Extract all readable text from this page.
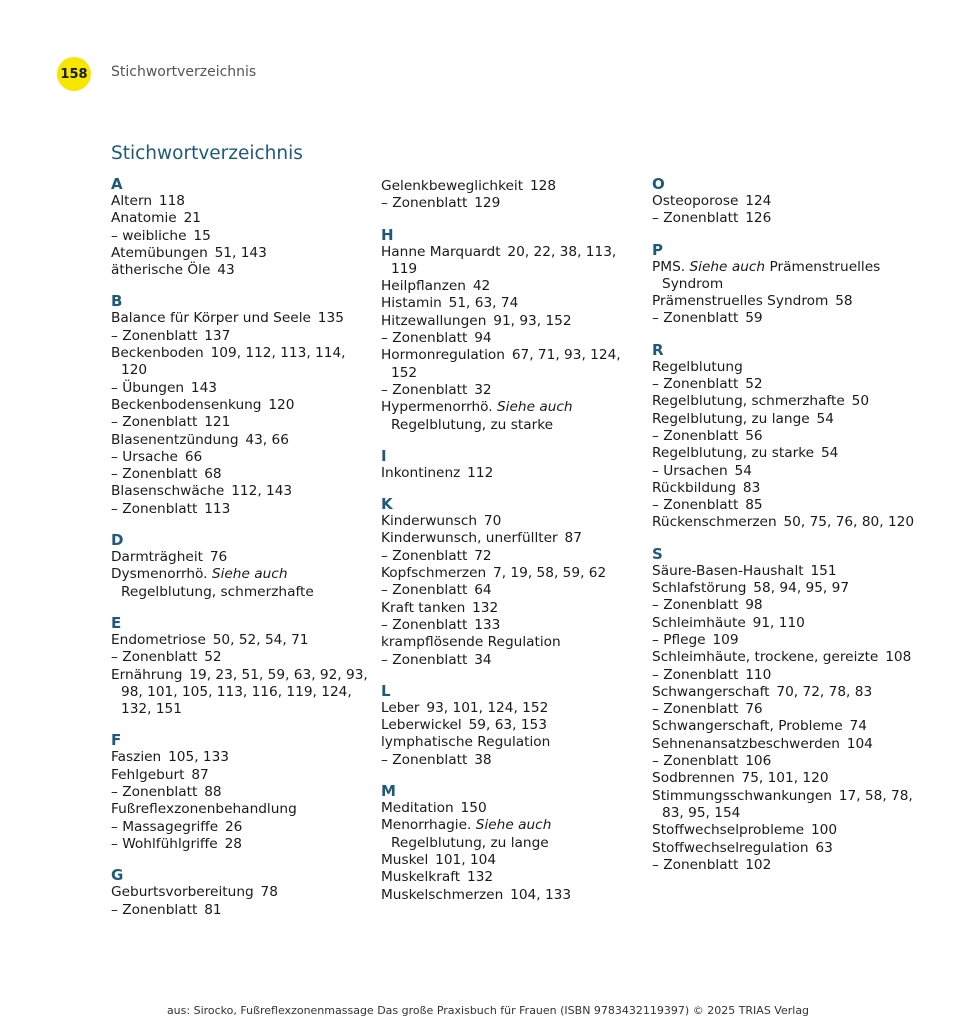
158 Stichwortverzeichnis
Stichwortverzeichnis
A
Altern  118
Anatomie  21
– weibliche  15
Atemübungen  51, 143
ätherische Öle  43
B
Balance für Körper und Seele  135
– Zonenblatt  137
Beckenboden  109, 112, 113, 114, 120
– Übungen  143
Beckenbodensenkung  120
– Zonenblatt  121
Blasenentzündung  43, 66
– Ursache  66
– Zonenblatt  68
Blasenschwäche  112, 143
– Zonenblatt  113
D
Darmträgheit  76
Dysmenorrhö. Siehe auch Regelblutung, schmerzhafte
E
Endometriose  50, 52, 54, 71
– Zonenblatt  52
Ernährung  19, 23, 51, 59, 63, 92, 93, 98, 101, 105, 113, 116, 119, 124, 132, 151
F
Faszien  105, 133
Fehlgeburt  87
– Zonenblatt  88
Fußreflexzonenbehandlung
– Massagegriffe  26
– Wohlfühlgriffe  28
G
Geburtsvorbereitung  78
– Zonenblatt  81
Gelenkbeweglichkeit  128
– Zonenblatt  129
H
Hanne Marquardt  20, 22, 38, 113, 119
Heilpflanzen  42
Histamin  51, 63, 74
Hitzewallungen  91, 93, 152
– Zonenblatt  94
Hormonregulation  67, 71, 93, 124, 152
– Zonenblatt  32
Hypermenorrhö. Siehe auch Regelblutung, zu starke
I
Inkontinenz  112
K
Kinderwunsch  70
Kinderwunsch, unerfüllter  87
– Zonenblatt  72
Kopfschmerzen  7, 19, 58, 59, 62
– Zonenblatt  64
Kraft tanken  132
– Zonenblatt  133
krampflösende Regulation
– Zonenblatt  34
L
Leber  93, 101, 124, 152
Leberwickel  59, 63, 153
lymphatische Regulation
– Zonenblatt  38
M
Meditation  150
Menorrhagie. Siehe auch Regelblutung, zu lange
Muskel  101, 104
Muskelkraft  132
Muskelschmerzen  104, 133
O
Osteoporose  124
– Zonenblatt  126
P
PMS. Siehe auch Prämenstruelles Syndrom
Prämenstruelles Syndrom  58
– Zonenblatt  59
R
Regelblutung
– Zonenblatt  52
Regelblutung, schmerzhafte  50
Regelblutung, zu lange  54
– Zonenblatt  56
Regelblutung, zu starke  54
– Ursachen  54
Rückbildung  83
– Zonenblatt  85
Rückenschmerzen  50, 75, 76, 80, 120
S
Säure-Basen-Haushalt  151
Schlafstörung  58, 94, 95, 97
– Zonenblatt  98
Schleimhäute  91, 110
– Pflege  109
Schleimhäute, trockene, gereizte  108
– Zonenblatt  110
Schwangerschaft  70, 72, 78, 83
– Zonenblatt  76
Schwangerschaft, Probleme  74
Sehnenansatzbeschwerden  104
– Zonenblatt  106
Sodbrennen  75, 101, 120
Stimmungsschwankungen  17, 58, 78, 83, 95, 154
Stoffwechselprobleme  100
Stoffwechselregulation  63
– Zonenblatt  102
aus: Sirocko, Fußreflexzonenmassage Das große Praxisbuch für Frauen (ISBN 9783432119397) © 2025 TRIAS Verlag
